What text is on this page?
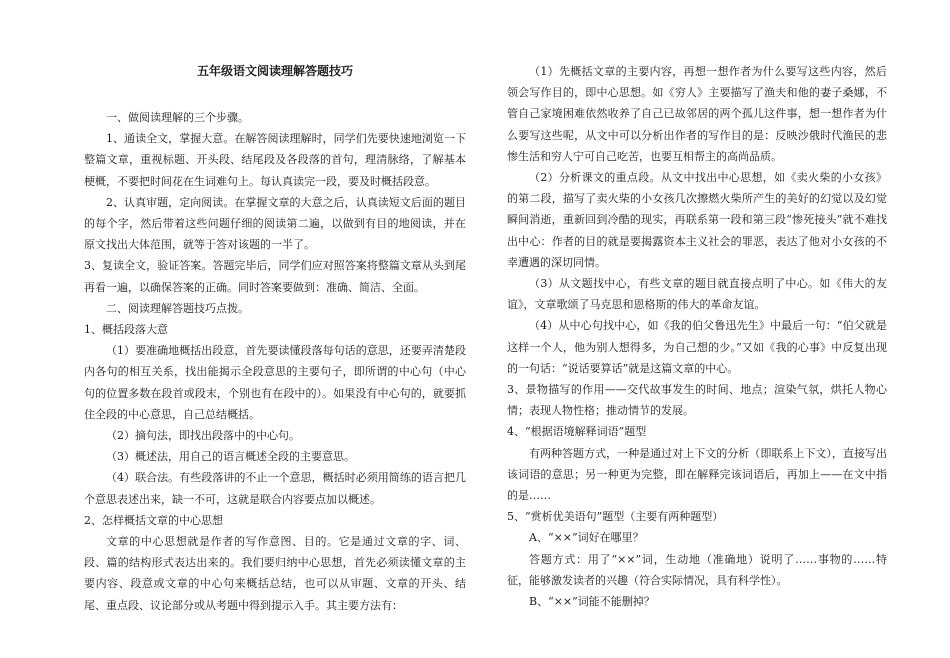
五年级语文阅读理解答题技巧

一、做阅读理解的三个步骤。

1、通读全文，掌握大意。在解答阅读理解时，同学们先要快速地浏览一下整篇文章，重视标题、开头段、结尾段及各段落的首句，理清脉络，了解基本梗概，不要把时间花在生词难句上。每认真读完一段，要及时概括段意。

2、认真审题，定向阅读。在掌握文章的大意之后，认真读短文后面的题目的每个字，然后带着这些问题仔细的阅读第二遍，以做到有目的地阅读，并在原文找出大体范围，就等于答对该题的一半了。

3、复读全文，验证答案。答题完毕后，同学们应对照答案将整篇文章从头到尾再看一遍，以确保答案的正确。同时答案要做到：准确、简洁、全面。

二、阅读理解答题技巧点拨。

1、概括段落大意

（1）要准确地概括出段意，首先要读懂段落每句话的意思，还要弄清楚段内各句的相互关系，找出能揭示全段意思的主要句子，即所谓的中心句（中心句的位置多数在段首或段末，个别也有在段中的）。如果没有中心句的，就要抓住全段的中心意思，自己总结概括。

（2）摘句法，即找出段落中的中心句。

（3）概述法，用自己的语言概述全段的主要意思。

（4）联合法。有些段落讲的不止一个意思，概括时必须用简练的语言把几个意思表述出来，缺一不可，这就是联合内容要点加以概述。

2、怎样概括文章的中心思想

文章的中心思想就是作者的写作意图、目的。它是通过文章的字、词、段、篇的结构形式表达出来的。我们要归纳中心思想，首先必须读懂文章的主要内容、段意或文章的中心句来概括总结，也可以从审题、文章的开头、结尾、重点段、议论部分或从考题中得到提示入手。其主要方法有：

（1）先概括文章的主要内容，再想一想作者为什么要写这些内容，然后领会写作目的，即中心思想。如《穷人》主要描写了渔夫和他的妻子桑娜，不管自己家境困难依然收养了自己已故邻居的两个孤儿这件事，想一想作者为什么要写这些呢，从文中可以分析出作者的写作目的是：反映沙俄时代渔民的悲惨生活和穷人宁可自己吃苦，也要互相帮主的高尚品质。

（2）分析课文的重点段。从文中找出中心思想，如《卖火柴的小女孩》的第二段，描写了卖火柴的小女孩几次擦燃火柴所产生的美好的幻觉以及幻觉瞬间消逝，重新回到冷酷的现实，再联系第一段和第三段“惨死接头”就不难找出中心：作者的目的就是要揭露资本主义社会的罪恶，表达了他对小女孩的不幸遭遇的深切同情。

（3）从文题找中心，有些文章的题目就直接点明了中心。如《伟大的友谊》，文章歌颂了马克思和恩格斯的伟大的革命友谊。

（4）从中心句找中心，如《我的伯父鲁迅先生》中最后一句：“伯父就是这样一个人，他为别人想得多，为自己想的少。”又如《我的心事》中反复出现的一句话：“说话要算话”就是这篇文章的中心。

3、景物描写的作用——交代故事发生的时间、地点；渲染气氛，烘托人物心情；表现人物性格；推动情节的发展。

4、“根据语境解释词语”题型

有两种答题方式，一种是通过对上下文的分析（即联系上下文），直接写出该词语的意思；另一种更为完整，即在解释完该词语后，再加上——在文中指的是……

5、“赏析优美语句”题型（主要有两种题型）

A、“××”词好在哪里？

答题方式：用了“××”词，生动地（准确地）说明了……事物的……特征，能够激发读者的兴趣（符合实际情况，具有科学性）。

B、“××”词能不能删掉？
